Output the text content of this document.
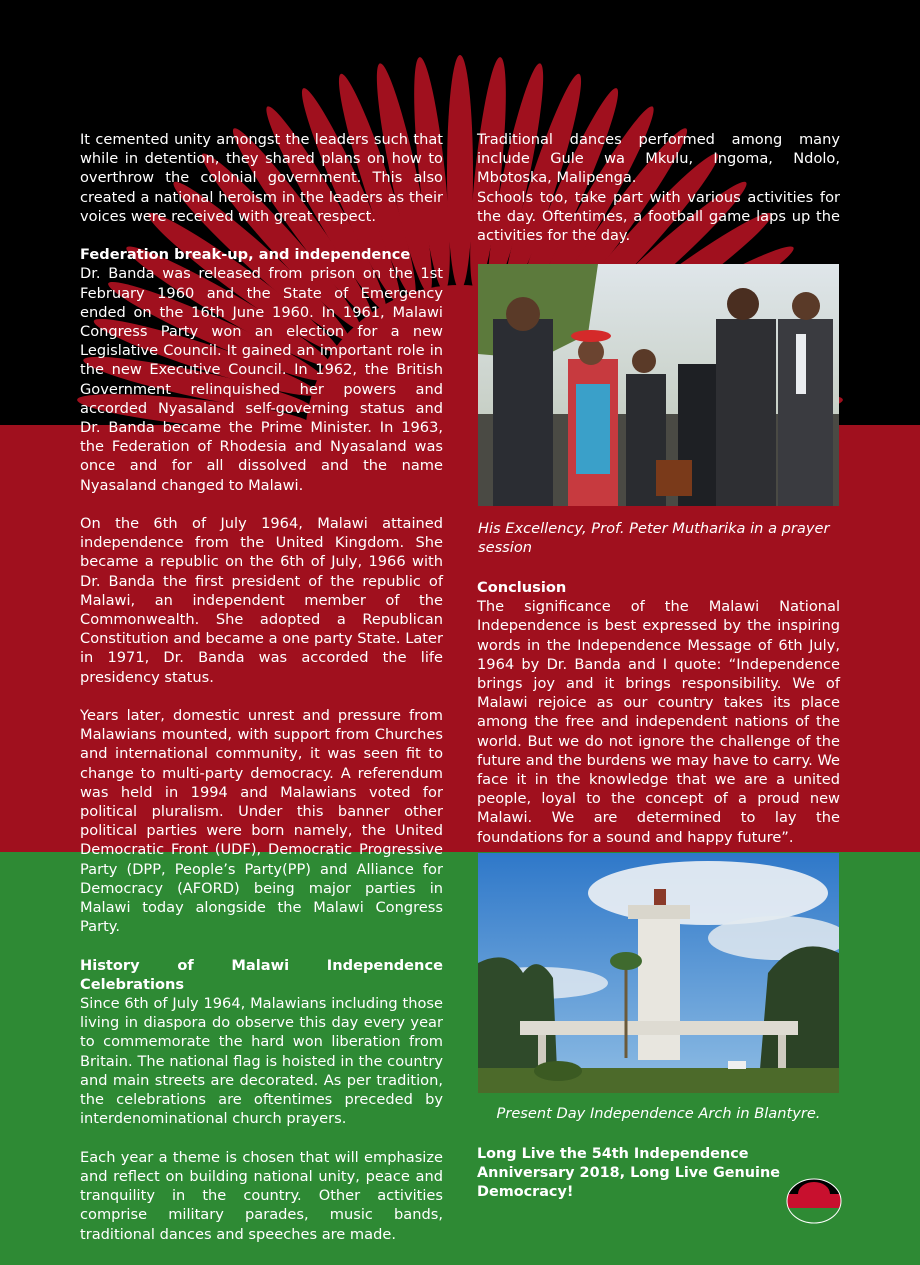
It cemented unity amongst the leaders such that while in detention, they shared plans on how to overthrow the colonial government. This also created a national heroism in the leaders as their voices were received with great respect.

Federation break-up, and independence

Dr. Banda was released from prison on the 1st February 1960 and the State of Emergency ended on the 16th June 1960. In 1961, Malawi Congress Party won an election for a new Legislative Council. It gained an important role in the new Executive Council. In 1962, the British Government relinquished her powers and accorded Nyasaland self-governing status and Dr. Banda became the Prime Minister. In 1963, the Federation of Rhodesia and Nyasaland was once and for all dissolved and the name Nyasaland changed to Malawi.

On the 6th of July 1964, Malawi attained independence from the United Kingdom. She became a republic on the 6th of July, 1966 with Dr. Banda the first president of the republic of Malawi, an independent member of the Commonwealth. She adopted a Republican Constitution and became a one party State. Later in 1971, Dr. Banda was accorded the life presidency status.

Years later, domestic unrest and pressure from Malawians mounted, with support from Churches and international community, it was seen fit to change to multi-party democracy. A referendum was held in 1994 and Malawians voted for political pluralism. Under this banner other political parties were born namely, the United Democratic Front (UDF), Democratic Progressive Party (DPP, People’s Party(PP) and Alliance for Democracy (AFORD) being major parties in Malawi today alongside the Malawi Congress Party.

History of Malawi Independence Celebrations

Since 6th of July 1964, Malawians including those living in diaspora do observe this day every year to commemorate the hard won liberation from Britain. The national flag is hoisted in the country and main streets are decorated. As per tradition, the celebrations are oftentimes preceded by interdenominational church prayers.

Each year a theme is chosen that will emphasize and reflect on building national unity, peace and tranquility in the country. Other activities comprise military parades, music bands, traditional dances and speeches are made.

Traditional dances performed among many include Gule wa Mkulu, Ingoma, Ndolo, Mbotoska, Malipenga.

Schools too, take part with various activities for the day. Oftentimes, a football game laps up the activities for the day.

His Excellency, Prof. Peter Mutharika in a prayer session
Conclusion

The significance of the Malawi National Independence is best expressed by the inspiring words in the Independence Message of 6th July, 1964 by Dr. Banda and I quote: “Independence brings joy and it brings responsibility. We of Malawi rejoice as our country takes its place among the free and independent nations of the world. But we do not ignore the challenge of the future and the burdens we may have to carry. We face it in the knowledge that we are a united people, loyal to the concept of a proud new Malawi. We are determined to lay the foundations for a sound and happy future”.

Present Day Independence Arch in Blantyre.
Long Live the 54th Independence Anniversary 2018, Long Live Genuine Democracy!
